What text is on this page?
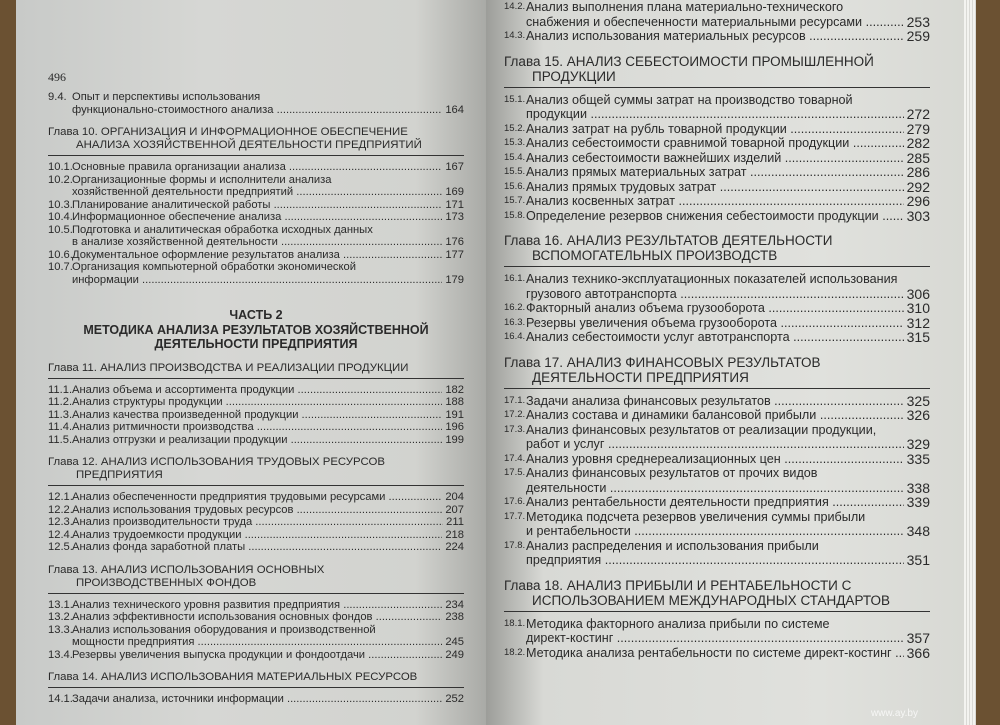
496
9.4. Опыт и перспективы использования
функционально-стоимостного анализа .....	164
Глава 10. ОРГАНИЗАЦИЯ И ИНФОРМАЦИОННОЕ ОБЕСПЕЧЕНИЕ
АНАЛИЗА ХОЗЯЙСТВЕННОЙ ДЕЯТЕЛЬНОСТИ ПРЕДПРИЯТИЙ
10.1. Основные правила организации анализа .....	167
10.2. Организационные формы и исполнители анализа
хозяйственной деятельности предприятий .....	169
10.3. Планирование аналитической работы .....	171
10.4. Информационное обеспечение анализа .....	173
10.5. Подготовка и аналитическая обработка исходных данных
в анализе хозяйственной деятельности .....	176
10.6. Документальное оформление результатов анализа .....	177
10.7. Организация компьютерной обработки экономической
информации .....	179
ЧАСТЬ 2
МЕТОДИКА АНАЛИЗА РЕЗУЛЬТАТОВ ХОЗЯЙСТВЕННОЙ
ДЕЯТЕЛЬНОСТИ ПРЕДПРИЯТИЯ
Глава 11. АНАЛИЗ ПРОИЗВОДСТВА И РЕАЛИЗАЦИИ ПРОДУКЦИИ
11.1. Анализ объема и ассортимента продукции .....	182
11.2. Анализ структуры продукции .....	188
11.3. Анализ качества произведенной продукции .....	191
11.4. Анализ ритмичности производства .....	196
11.5. Анализ отгрузки и реализации продукции .....	199
Глава 12. АНАЛИЗ ИСПОЛЬЗОВАНИЯ ТРУДОВЫХ РЕСУРСОВ
ПРЕДПРИЯТИЯ
12.1. Анализ обеспеченности предприятия трудовыми ресурсами .....	204
12.2. Анализ использования трудовых ресурсов .....	207
12.3. Анализ производительности труда .....	211
12.4. Анализ трудоемкости продукции .....	218
12.5. Анализ фонда заработной платы .....	224
Глава 13. АНАЛИЗ ИСПОЛЬЗОВАНИЯ ОСНОВНЫХ
ПРОИЗВОДСТВЕННЫХ ФОНДОВ
13.1. Анализ технического уровня развития предприятия .....	234
13.2. Анализ эффективности использования основных фондов .....	238
13.3. Анализ использования оборудования и производственной
мощности предприятия .....	245
13.4. Резервы увеличения выпуска продукции и фондоотдачи .....	249
Глава 14. АНАЛИЗ ИСПОЛЬЗОВАНИЯ МАТЕРИАЛЬНЫХ РЕСУРСОВ
14.1. Задачи анализа, источники информации .....	252
14.2. Анализ выполнения плана материально-технического
снабжения и обеспеченности материальными ресурсами .....	253
14.3. Анализ использования материальных ресурсов .....	259
Глава 15. АНАЛИЗ СЕБЕСТОИМОСТИ ПРОМЫШЛЕННОЙ
ПРОДУКЦИИ
15.1. Анализ общей суммы затрат на производство товарной
продукции .....	272
15.2. Анализ затрат на рубль товарной продукции .....	279
15.3. Анализ себестоимости сравнимой товарной продукции .....	282
15.4. Анализ себестоимости важнейших изделий .....	285
15.5. Анализ прямых материальных затрат .....	286
15.6. Анализ прямых трудовых затрат .....	292
15.7. Анализ косвенных затрат .....	296
15.8. Определение резервов снижения себестоимости продукции .....	303
Глава 16. АНАЛИЗ РЕЗУЛЬТАТОВ ДЕЯТЕЛЬНОСТИ
ВСПОМОГАТЕЛЬНЫХ ПРОИЗВОДСТВ
16.1. Анализ технико-эксплуатационных показателей использования
грузового автотранспорта .....	306
16.2. Факторный анализ объема грузооборота .....	310
16.3. Резервы увеличения объема грузооборота .....	312
16.4. Анализ себестоимости услуг автотранспорта .....	315
Глава 17. АНАЛИЗ ФИНАНСОВЫХ РЕЗУЛЬТАТОВ
ДЕЯТЕЛЬНОСТИ ПРЕДПРИЯТИЯ
17.1. Задачи анализа финансовых результатов .....	325
17.2. Анализ состава и динамики балансовой прибыли .....	326
17.3. Анализ финансовых результатов от реализации продукции,
работ и услуг .....	329
17.4. Анализ уровня среднереализационных цен .....	335
17.5. Анализ финансовых результатов от прочих видов
деятельности .....	338
17.6. Анализ рентабельности деятельности предприятия .....	339
17.7. Методика подсчета резервов увеличения суммы прибыли
и рентабельности .....	348
17.8. Анализ распределения и использования прибыли
предприятия .....	351
Глава 18. АНАЛИЗ ПРИБЫЛИ И РЕНТАБЕЛЬНОСТИ С
ИСПОЛЬЗОВАНИЕМ МЕЖДУНАРОДНЫХ СТАНДАРТОВ
18.1. Методика факторного анализа прибыли по системе
директ-костинг .....	357
18.2. Методика анализа рентабельности по системе директ-костинг .....	366
www.ay.by
